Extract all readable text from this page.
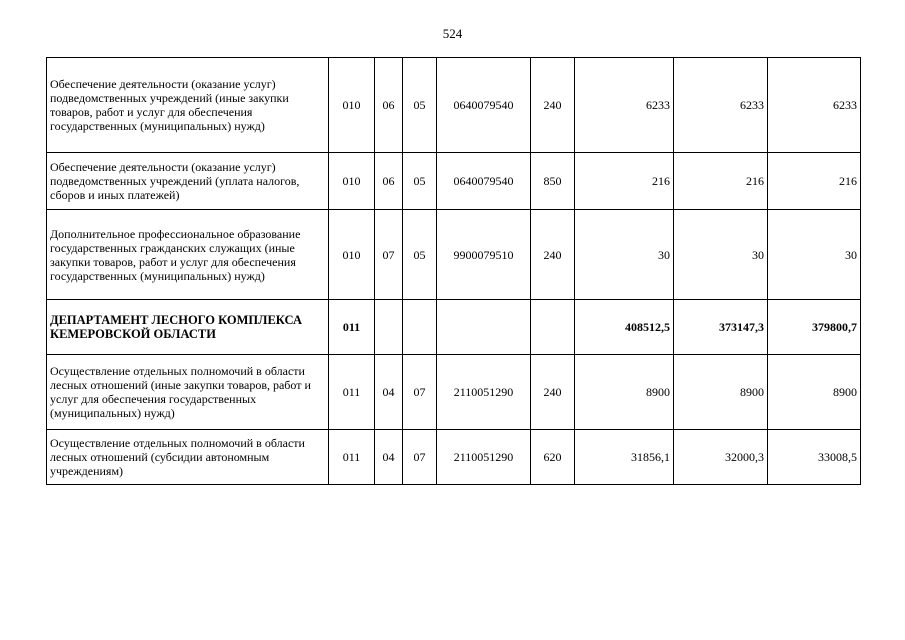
524
Обеспечение деятельности (оказание услуг) подведомственных учреждений (иные закупки товаров, работ и услуг для обеспечения государственных (муниципальных) нужд)	010	06	05	0640079540	240	6233	6233	6233
Обеспечение деятельности (оказание услуг) подведомственных учреждений (уплата налогов, сборов и иных платежей)	010	06	05	0640079540	850	216	216	216
Дополнительное профессиональное образование государственных гражданских служащих (иные закупки товаров, работ и услуг для обеспечения государственных (муниципальных) нужд)	010	07	05	9900079510	240	30	30	30
ДЕПАРТАМЕНТ ЛЕСНОГО КОМПЛЕКСА КЕМЕРОВСКОЙ ОБЛАСТИ	011					408512,5	373147,3	379800,7
Осуществление отдельных полномочий в области лесных отношений (иные закупки товаров, работ и услуг для обеспечения государственных (муниципальных) нужд)	011	04	07	2110051290	240	8900	8900	8900
Осуществление отдельных полномочий в области лесных отношений (субсидии автономным учреждениям)	011	04	07	2110051290	620	31856,1	32000,3	33008,5
